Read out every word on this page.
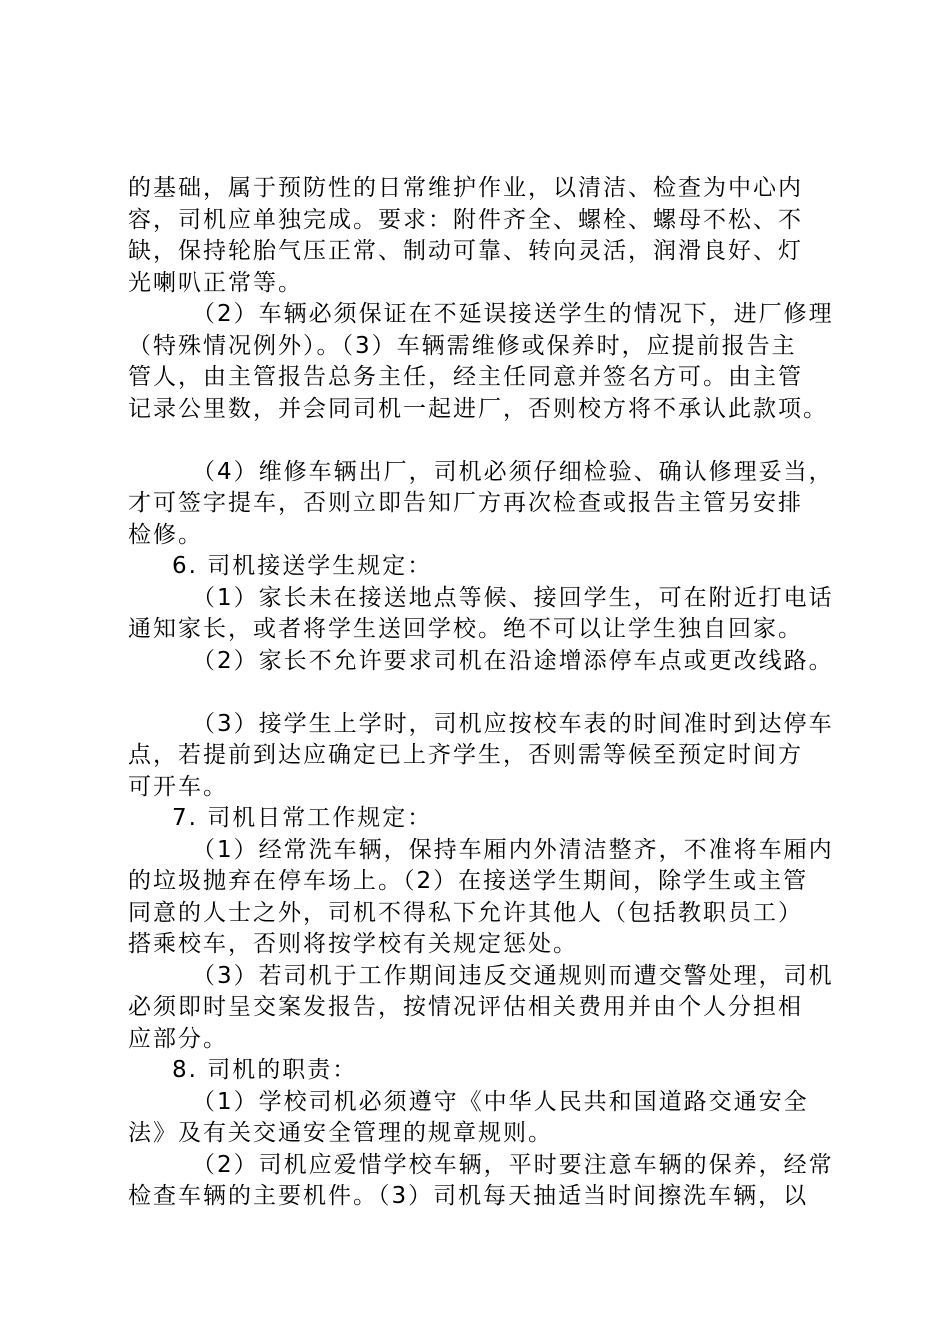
的基础，属于预防性的日常维护作业，以清洁、检查为中心内
容，司机应单独完成。要求：附件齐全、螺栓、螺母不松、不
缺，保持轮胎气压正常、制动可靠、转向灵活，润滑良好、灯
光喇叭正常等。
（2）车辆必须保证在不延误接送学生的情况下，进厂修理
（特殊情况例外）。（3）车辆需维修或保养时，应提前报告主
管人，由主管报告总务主任，经主任同意并签名方可。由主管
记录公里数，并会同司机一起进厂，否则校方将不承认此款项。
（4）维修车辆出厂，司机必须仔细检验、确认修理妥当，
才可签字提车，否则立即告知厂方再次检查或报告主管另安排
检修。
6. 司机接送学生规定：
（1）家长未在接送地点等候、接回学生，可在附近打电话
通知家长，或者将学生送回学校。绝不可以让学生独自回家。
（2）家长不允许要求司机在沿途增添停车点或更改线路。
（3）接学生上学时，司机应按校车表的时间准时到达停车
点，若提前到达应确定已上齐学生，否则需等候至预定时间方
可开车。
7. 司机日常工作规定：
（1）经常洗车辆，保持车厢内外清洁整齐，不准将车厢内
的垃圾抛弃在停车场上。（2）在接送学生期间，除学生或主管
同意的人士之外，司机不得私下允许其他人（包括教职员工）
搭乘校车，否则将按学校有关规定惩处。
（3）若司机于工作期间违反交通规则而遭交警处理，司机
必须即时呈交案发报告，按情况评估相关费用并由个人分担相
应部分。
8. 司机的职责：
（1）学校司机必须遵守《中华人民共和国道路交通安全
法》及有关交通安全管理的规章规则。
（2）司机应爱惜学校车辆，平时要注意车辆的保养，经常
检查车辆的主要机件。（3）司机每天抽适当时间擦洗车辆，以
